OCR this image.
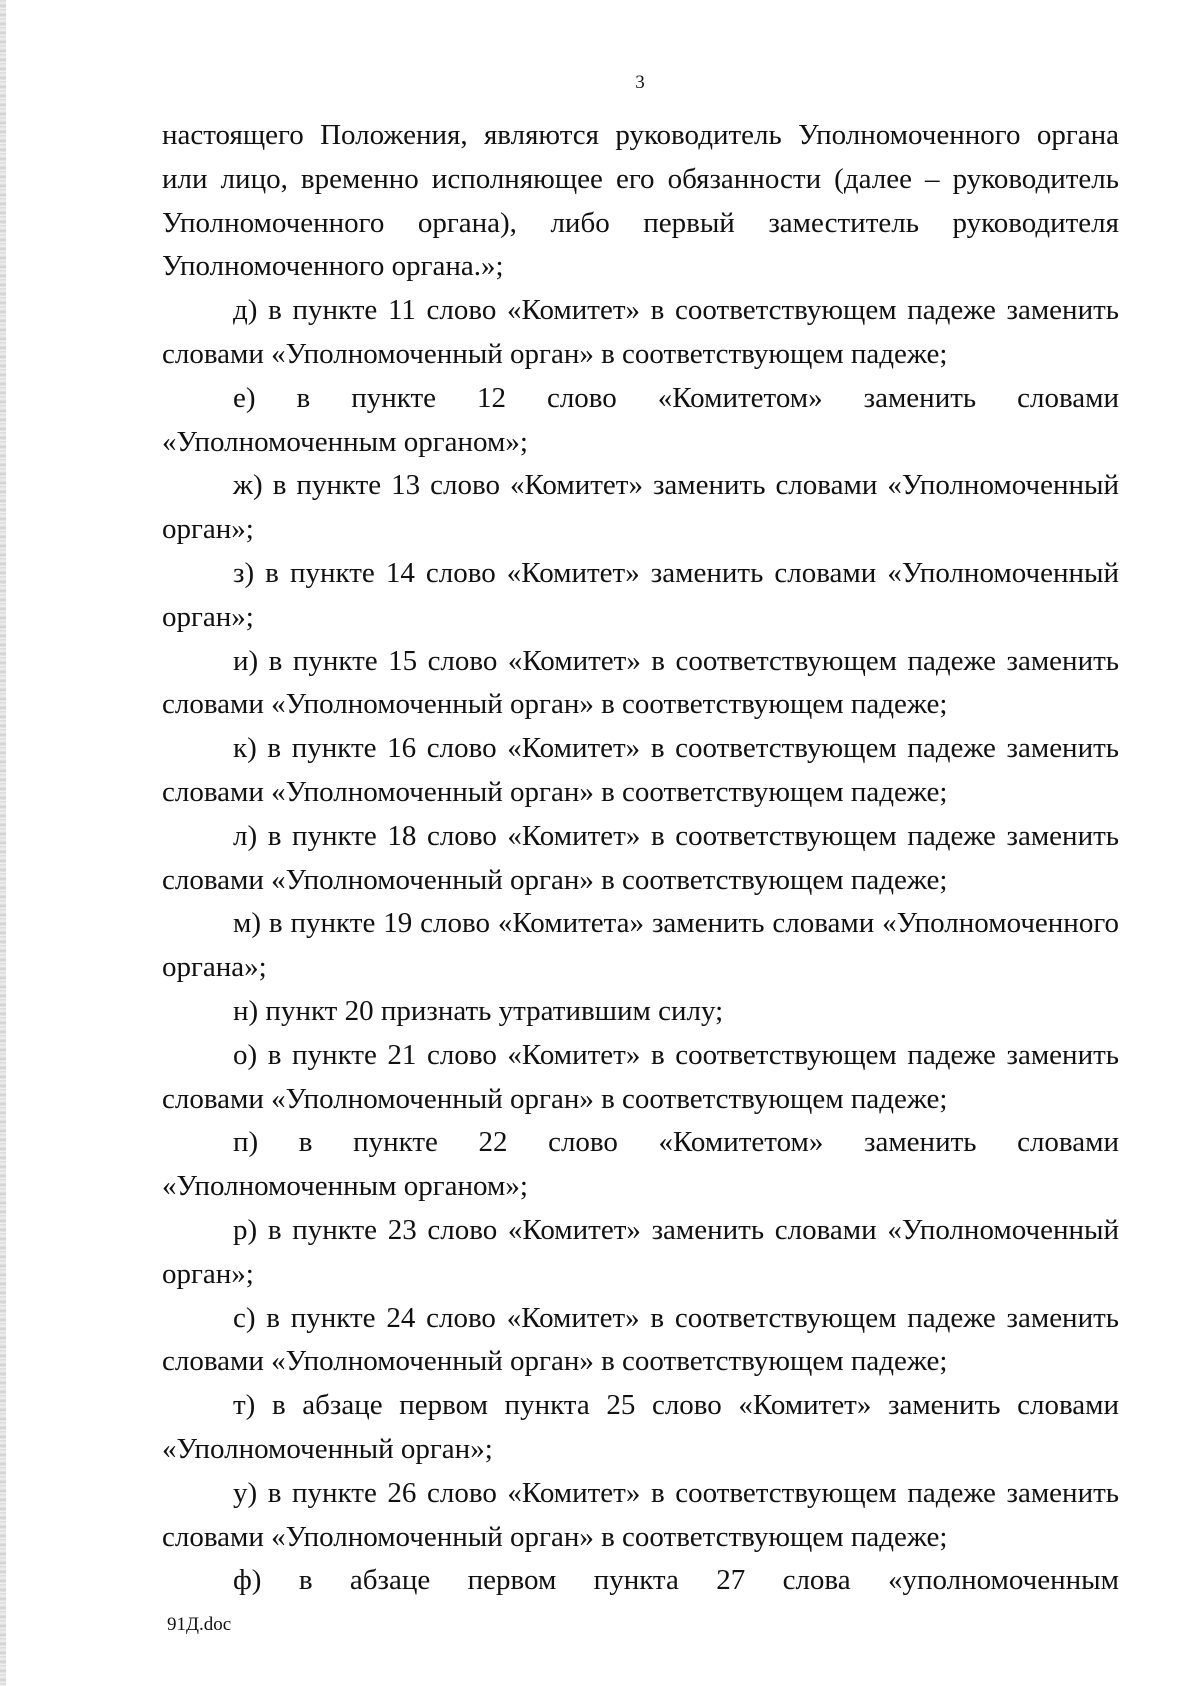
3

настоящего Положения, являются руководитель Уполномоченного органа или лицо, временно исполняющее его обязанности (далее – руководитель Уполномоченного органа), либо первый заместитель руководителя Уполномоченного органа.»;

д) в пункте 11 слово «Комитет» в соответствующем падеже заменить словами «Уполномоченный орган» в соответствующем падеже;

е) в пункте 12 слово «Комитетом» заменить словами «Уполномоченным органом»;

ж) в пункте 13 слово «Комитет» заменить словами «Уполномоченный орган»;

з) в пункте 14 слово «Комитет» заменить словами «Уполномоченный орган»;

и) в пункте 15 слово «Комитет» в соответствующем падеже заменить словами «Уполномоченный орган» в соответствующем падеже;

к) в пункте 16 слово «Комитет» в соответствующем падеже заменить словами «Уполномоченный орган» в соответствующем падеже;

л) в пункте 18 слово «Комитет» в соответствующем падеже заменить словами «Уполномоченный орган» в соответствующем падеже;

м) в пункте 19 слово «Комитета» заменить словами «Уполномоченного органа»;

н) пункт 20 признать утратившим силу;

о) в пункте 21 слово «Комитет» в соответствующем падеже заменить словами «Уполномоченный орган» в соответствующем падеже;

п) в пункте 22 слово «Комитетом» заменить словами «Уполномоченным органом»;

р) в пункте 23 слово «Комитет» заменить словами «Уполномоченный орган»;

с) в пункте 24 слово «Комитет» в соответствующем падеже заменить словами «Уполномоченный орган» в соответствующем падеже;

т) в абзаце первом пункта 25 слово «Комитет» заменить словами «Уполномоченный орган»;

у) в пункте 26 слово «Комитет» в соответствующем падеже заменить словами «Уполномоченный орган» в соответствующем падеже;

ф) в абзаце первом пункта 27 слова «уполномоченным

91Д.doc
